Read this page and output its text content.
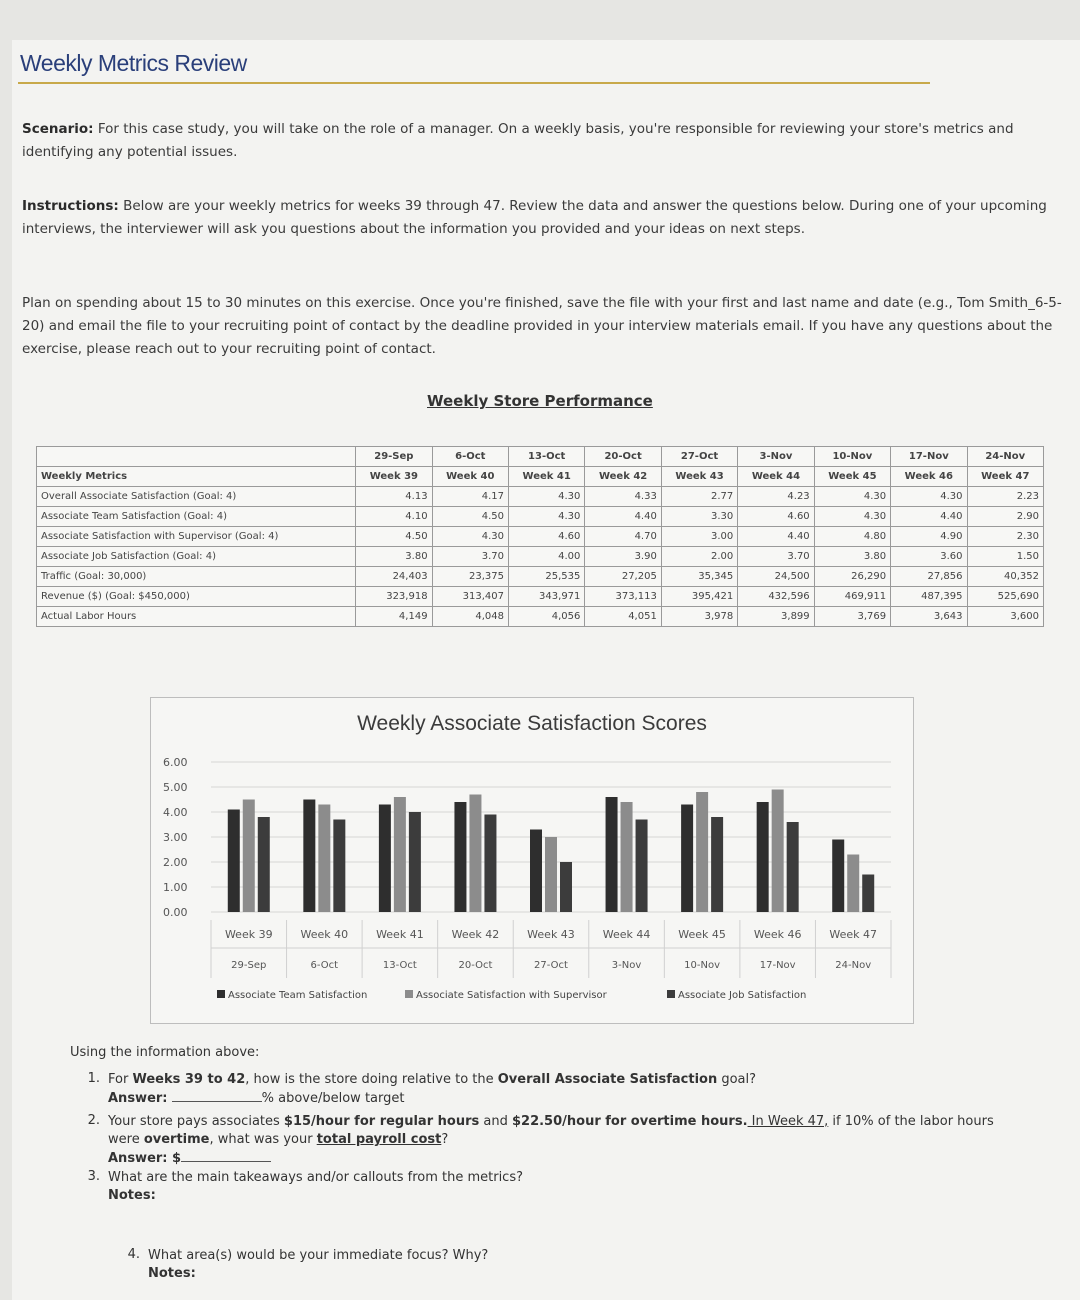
Weekly Metrics Review
Scenario: For this case study, you will take on the role of a manager. On a weekly basis, you're responsible for reviewing your store's metrics and identifying any potential issues.
Instructions: Below are your weekly metrics for weeks 39 through 47. Review the data and answer the questions below. During one of your upcoming interviews, the interviewer will ask you questions about the information you provided and your ideas on next steps.
Plan on spending about 15 to 30 minutes on this exercise. Once you're finished, save the file with your first and last name and date (e.g., Tom Smith_6-5-20) and email the file to your recruiting point of contact by the deadline provided in your interview materials email. If you have any questions about the exercise, please reach out to your recruiting point of contact.
Weekly Store Performance
	29-Sep	6-Oct	13-Oct	20-Oct	27-Oct	3-Nov	10-Nov	17-Nov	24-Nov
Weekly Metrics	Week 39	Week 40	Week 41	Week 42	Week 43	Week 44	Week 45	Week 46	Week 47
Overall Associate Satisfaction (Goal: 4)	4.13	4.17	4.30	4.33	2.77	4.23	4.30	4.30	2.23
Associate Team Satisfaction (Goal: 4)	4.10	4.50	4.30	4.40	3.30	4.60	4.30	4.40	2.90
Associate Satisfaction with Supervisor (Goal: 4)	4.50	4.30	4.60	4.70	3.00	4.40	4.80	4.90	2.30
Associate Job Satisfaction (Goal: 4)	3.80	3.70	4.00	3.90	2.00	3.70	3.80	3.60	1.50
Traffic (Goal: 30,000)	24,403	23,375	25,535	27,205	35,345	24,500	26,290	27,856	40,352
Revenue ($) (Goal: $450,000)	323,918	313,407	343,971	373,113	395,421	432,596	469,911	487,395	525,690
Actual Labor Hours	4,149	4,048	4,056	4,051	3,978	3,899	3,769	3,643	3,600
Weekly Associate Satisfaction Scores
0.00
1.00
2.00
3.00
4.00
5.00
6.00
Week 39
29-Sep
Week 40
6-Oct
Week 41
13-Oct
Week 42
20-Oct
Week 43
27-Oct
Week 44
3-Nov
Week 45
10-Nov
Week 46
17-Nov
Week 47
24-Nov
Associate Team Satisfaction	Associate Satisfaction with Supervisor	Associate Job Satisfaction
Using the information above:
1. For Weeks 39 to 42, how is the store doing relative to the Overall Associate Satisfaction goal?
Answer:	% above/below target
2. Your store pays associates $15/hour for regular hours and $22.50/hour for overtime hours. In Week 47, if 10% of the labor hours were overtime, what was your total payroll cost?
Answer: $
3. What are the main takeaways and/or callouts from the metrics?
Notes:
4. What area(s) would be your immediate focus? Why?
Notes:
